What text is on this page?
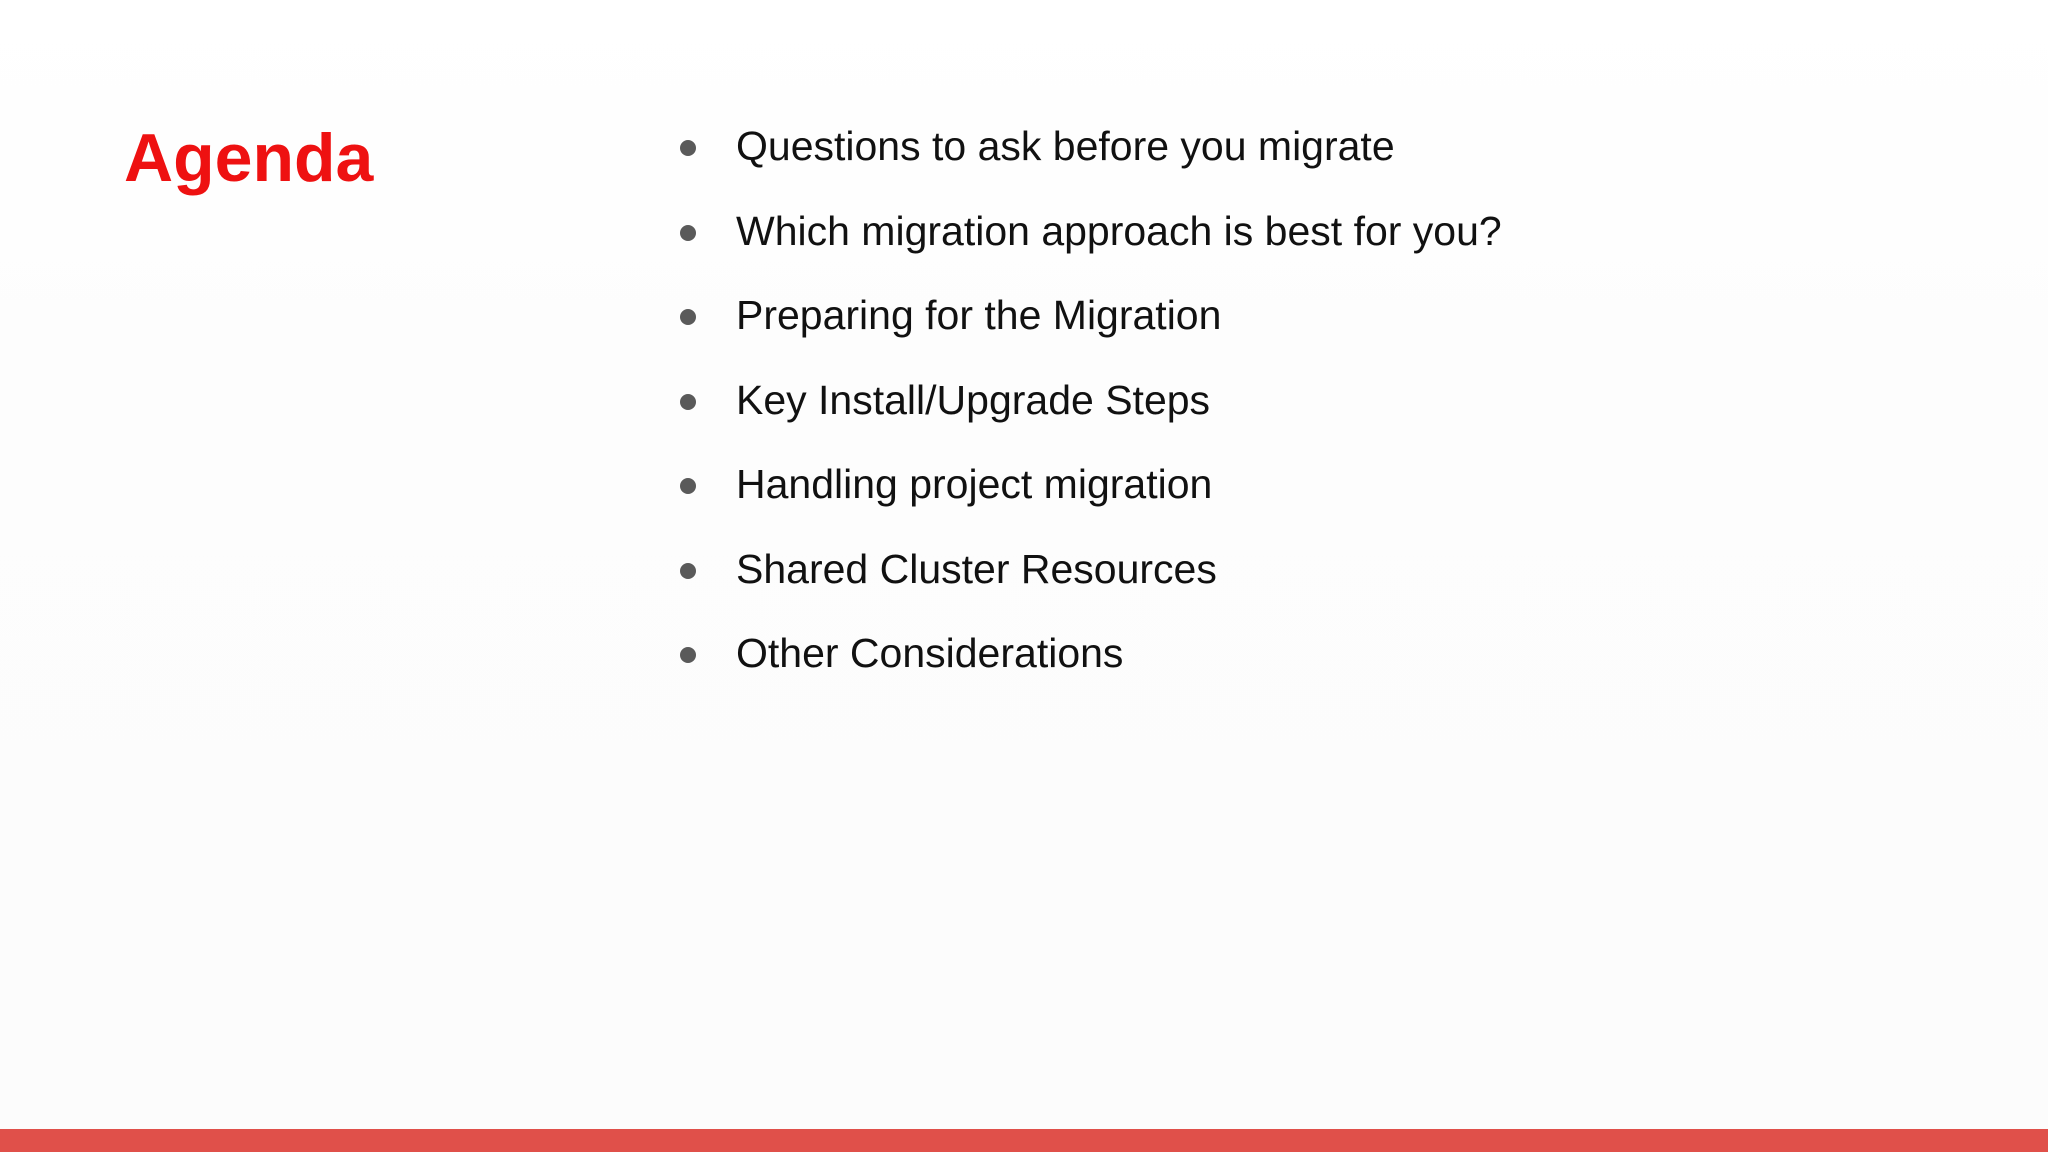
Agenda	Questions to ask before you migrate
Which migration approach is best for you?
Preparing for the Migration
Key Install/Upgrade Steps
Handling project migration
Shared Cluster Resources
Other Considerations
